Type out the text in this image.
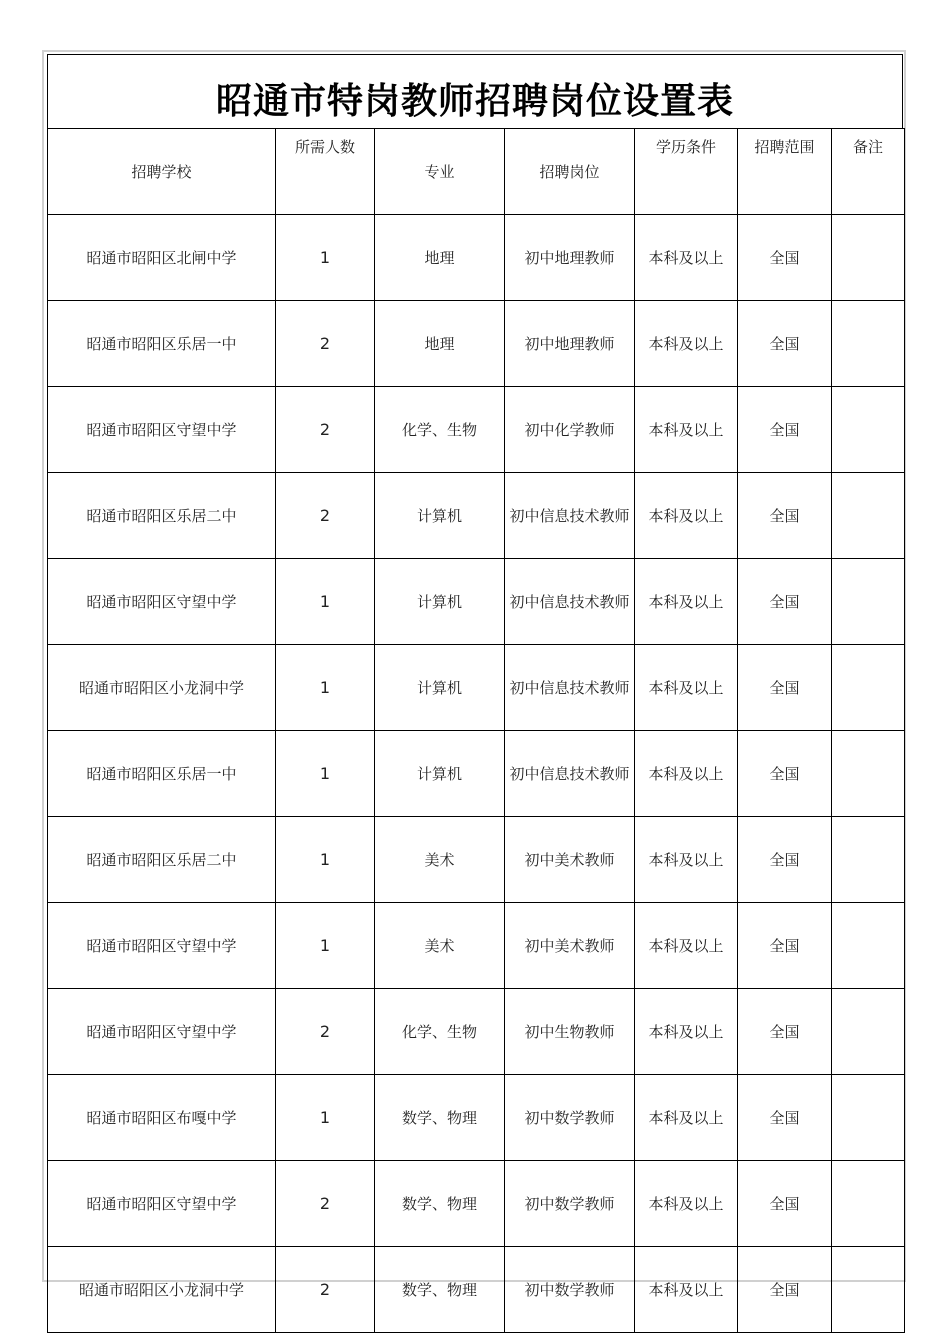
昭通市特岗教师招聘岗位设置表
招聘学校	所需人数	专业	招聘岗位	学历条件	招聘范围	备注
昭通市昭阳区北闸中学	1	地理	初中地理教师	本科及以上	全国	
昭通市昭阳区乐居一中	2	地理	初中地理教师	本科及以上	全国	
昭通市昭阳区守望中学	2	化学、生物	初中化学教师	本科及以上	全国	
昭通市昭阳区乐居二中	2	计算机	初中信息技术教师	本科及以上	全国	
昭通市昭阳区守望中学	1	计算机	初中信息技术教师	本科及以上	全国	
昭通市昭阳区小龙洞中学	1	计算机	初中信息技术教师	本科及以上	全国	
昭通市昭阳区乐居一中	1	计算机	初中信息技术教师	本科及以上	全国	
昭通市昭阳区乐居二中	1	美术	初中美术教师	本科及以上	全国	
昭通市昭阳区守望中学	1	美术	初中美术教师	本科及以上	全国	
昭通市昭阳区守望中学	2	化学、生物	初中生物教师	本科及以上	全国	
昭通市昭阳区布嘎中学	1	数学、物理	初中数学教师	本科及以上	全国	
昭通市昭阳区守望中学	2	数学、物理	初中数学教师	本科及以上	全国	
昭通市昭阳区小龙洞中学	2	数学、物理	初中数学教师	本科及以上	全国	
